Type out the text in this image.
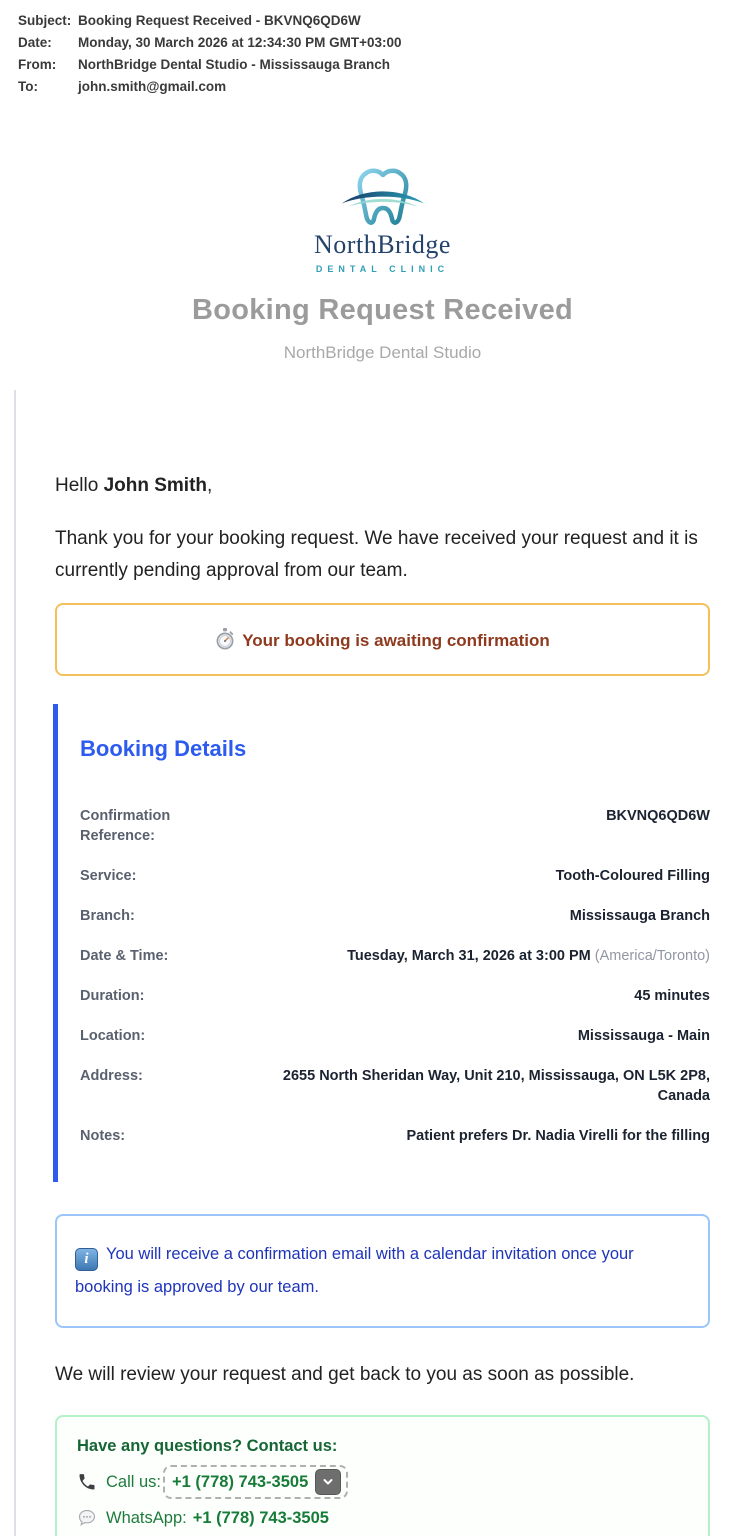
Subject: Booking Request Received - BKVNQ6QD6W
Date:	Monday, 30 March 2026 at 12:34:30 PM GMT+03:00
From:	NorthBridge Dental Studio - Mississauga Branch
To:	john.smith@gmail.com
NorthBridge
DENTAL CLINIC
Booking Request Received
NorthBridge Dental Studio
Hello John Smith,
Thank you for your booking request. We have received your request and it is currently pending approval from our team.
Your booking is awaiting confirmation
Booking Details
Confirmation Reference:
BKVNQ6QD6W
Service:	Tooth-Coloured Filling
Branch:	Mississauga Branch
Date & Time:	Tuesday, March 31, 2026 at 3:00 PM (America/Toronto)
Duration:	45 minutes
Location:	Mississauga - Main
Address:	2655 North Sheridan Way, Unit 210, Mississauga, ON L5K 2P8, Canada
Notes:	Patient prefers Dr. Nadia Virelli for the filling
i You will receive a confirmation email with a calendar invitation once your booking is approved by our team.
We will review your request and get back to you as soon as possible.
Have any questions? Contact us:
Call us: +1 (778) 743-3505
WhatsApp: +1 (778) 743-3505
